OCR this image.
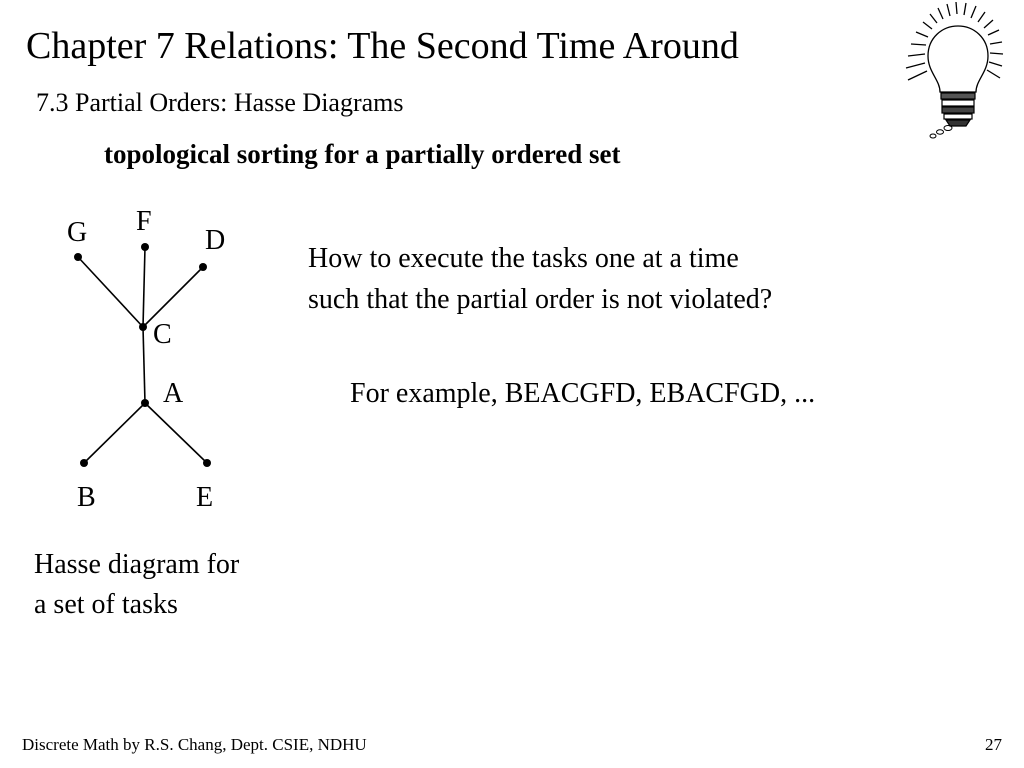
Chapter 7 Relations: The Second Time Around
7.3 Partial Orders: Hasse Diagrams
topological sorting for a partially ordered set
G F
D
C
A
B	E
How to execute the tasks one at a time
such that the partial order is not violated?
For example, BEACGFD, EBACFGD, ...
Hasse diagram for
a set of tasks
Discrete Math by R.S. Chang, Dept. CSIE, NDHU	27
